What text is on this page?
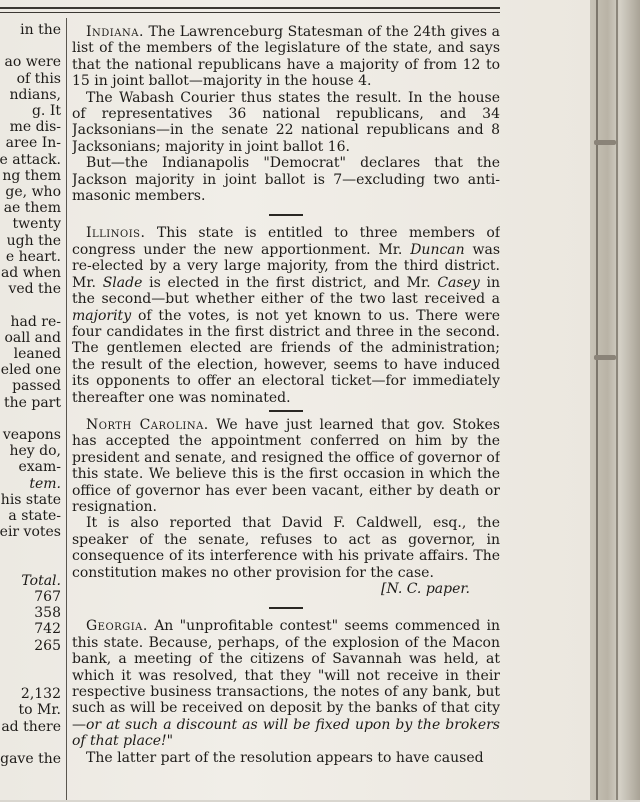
in the
ao were
of this
ndians,
g. It
me dis-
aree In-
e attack.
ng them
ge, who
ae them
twenty
ugh the
e heart.
ad when
ved the
had re-
oall and
leaned
eled one
passed
the part
veapons
hey do,
exam-
tem.
his state
a state-
eir votes
Total.
767
358
742
265
2,132
to Mr.
ad there
gave the

Indiana. The Lawrenceburg Statesman of the 24th gives a list of the members of the legislature of the state, and says that the national republicans have a majority of from 12 to 15 in joint ballot—majority in the house 4.

The Wabash Courier thus states the result. In the house of representatives 36 national republicans, and 34 Jacksonians—in the senate 22 national republicans and 8 Jacksonians; majority in joint ballot 16.

But—the Indianapolis "Democrat" declares that the Jackson majority in joint ballot is 7—excluding two anti-masonic members.

Illinois. This state is entitled to three members of congress under the new apportionment. Mr. Duncan was re-elected by a very large majority, from the third district. Mr. Slade is elected in the first district, and Mr. Casey in the second—but whether either of the two last received a majority of the votes, is not yet known to us. There were four candidates in the first district and three in the second. The gentlemen elected are friends of the administration; the result of the election, however, seems to have induced its opponents to offer an electoral ticket—for immediately thereafter one was nominated.

North Carolina. We have just learned that gov. Stokes has accepted the appointment conferred on him by the president and senate, and resigned the office of governor of this state. We believe this is the first occasion in which the office of governor has ever been vacant, either by death or resignation.

It is also reported that David F. Caldwell, esq., the speaker of the senate, refuses to act as governor, in consequence of its interference with his private affairs. The constitution makes no other provision for the case.

[N. C. paper.

Georgia. An "unprofitable contest" seems commenced in this state. Because, perhaps, of the explosion of the Macon bank, a meeting of the citizens of Savannah was held, at which it was resolved, that they "will not receive in their respective business transactions, the notes of any bank, but such as will be received on deposit by the banks of that city—or at such a discount as will be fixed upon by the brokers of that place!"

The latter part of the resolution appears to have caused
